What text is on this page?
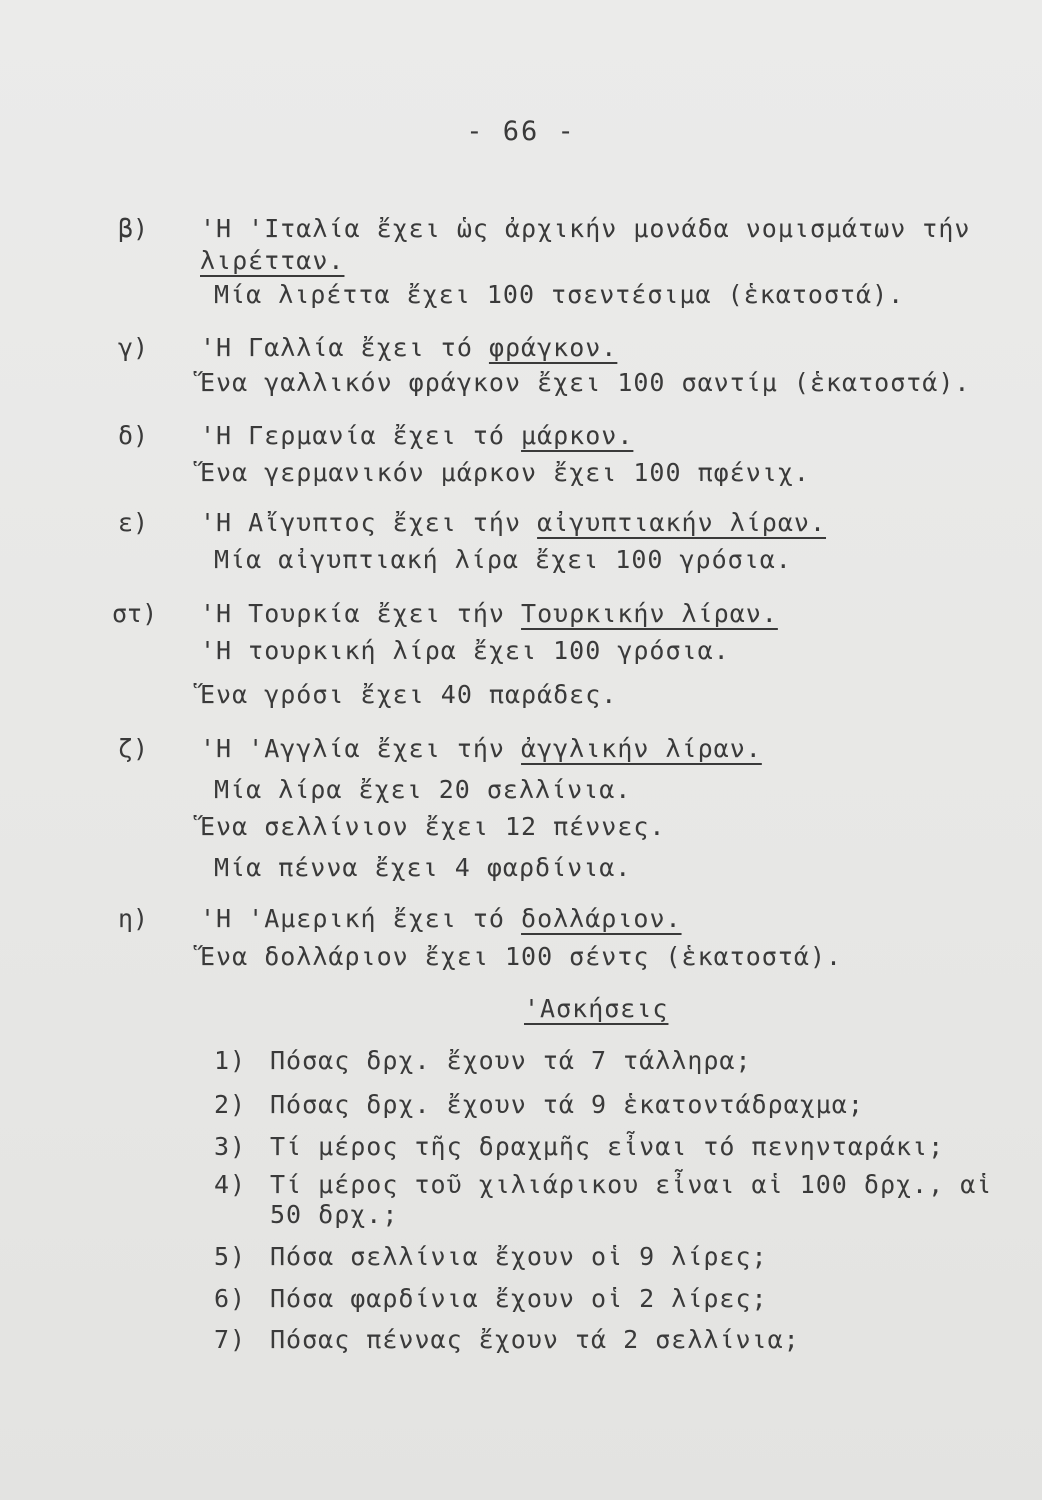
- 66 -
β) 'Η 'Ιταλία ἔχει ὡς ἀρχικήν μονάδα νομισμάτων τήν
λιρέτταν.
Μία λιρέττα ἔχει 100 τσεντέσιμα (ἑκατοστά).
γ) 'Η Γαλλία ἔχει τό φράγκον.
Ἕνα γαλλικόν φράγκον ἔχει 100 σαντίμ (ἑκατοστά).
δ) 'Η Γερμανία ἔχει τό μάρκον.
Ἕνα γερμανικόν μάρκον ἔχει 100 πφένιχ.
ε) 'Η Αἴγυπτος ἔχει τήν αἰγυπτιακήν λίραν.
Μία αἰγυπτιακή λίρα ἔχει 100 γρόσια.
στ) 'Η Τουρκία ἔχει τήν Τουρκικήν λίραν.
'Η τουρκική λίρα ἔχει 100 γρόσια.
Ἕνα γρόσι ἔχει 40 παράδες.
ζ) 'Η 'Αγγλία ἔχει τήν ἀγγλικήν λίραν.
Μία λίρα ἔχει 20 σελλίνια.
Ἕνα σελλίνιον ἔχει 12 πέννες.
Μία πέννα ἔχει 4 φαρδίνια.
η) 'Η 'Αμερική ἔχει τό δολλάριον.
Ἕνα δολλάριον ἔχει 100 σέντς (ἑκατοστά).
'Ασκήσεις
1) Πόσας δρχ. ἔχουν τά 7 τάλληρα;
2) Πόσας δρχ. ἔχουν τά 9 ἑκατοντάδραχμα;
3) Τί μέρος τῆς δραχμῆς εἶναι τό πενηνταράκι;
4) Τί μέρος τοῦ χιλιάρικου εἶναι αἱ 100 δρχ., αἱ
50 δρχ.;
5) Πόσα σελλίνια ἔχουν οἱ 9 λίρες;
6) Πόσα φαρδίνια ἔχουν οἱ 2 λίρες;
7) Πόσας πέννας ἔχουν τά 2 σελλίνια;
